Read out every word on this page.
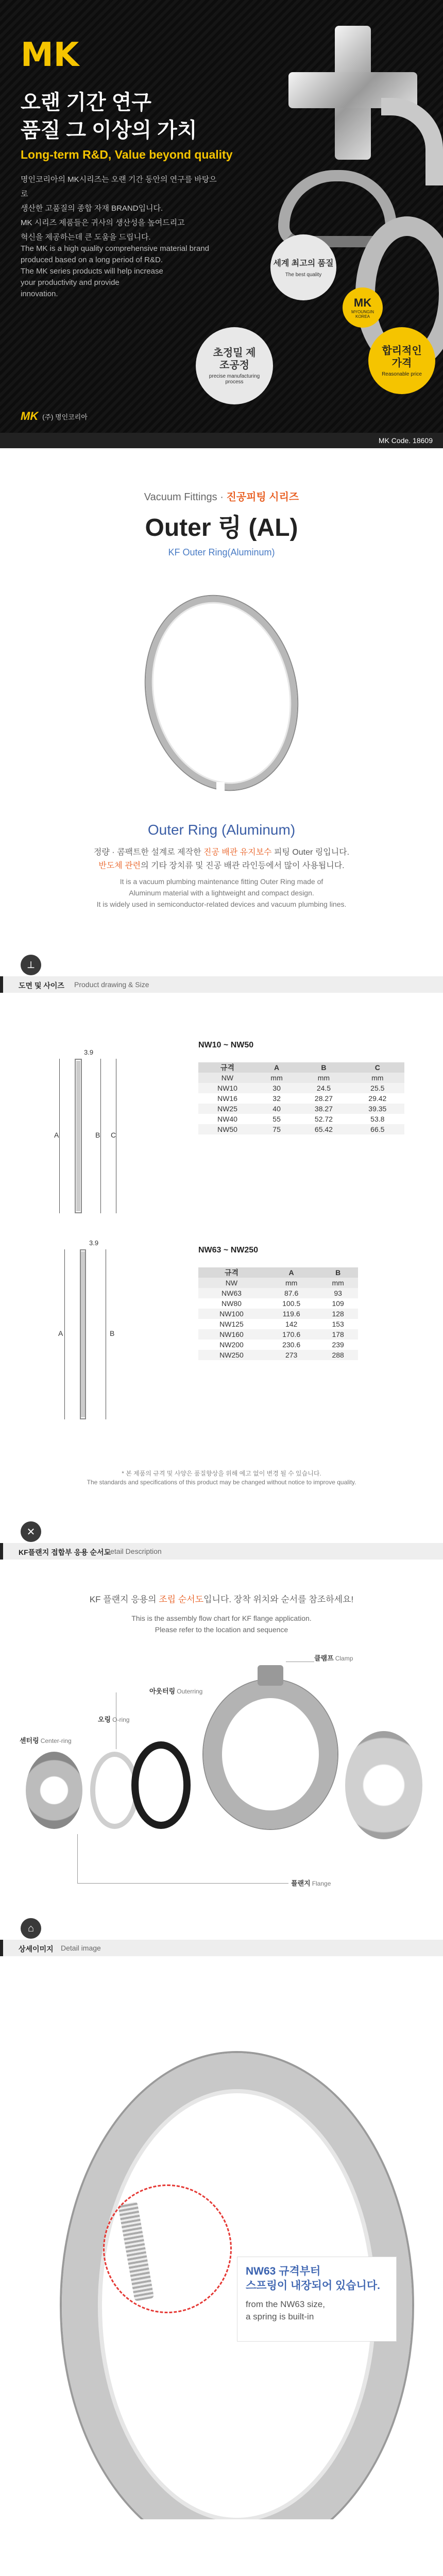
MK
오랜 기간 연구
품질 그 이상의 가치
Long-term R&D, Value beyond quality
명인코리아의 MK시리즈는 오랜 기간 동안의 연구를 바탕으로
생산한 고품질의 종합 자재 BRAND입니다.
MK 시리즈 제품들은 귀사의 생산성을 높여드리고
혁신을 제공하는데 큰 도움을 드립니다.
The MK is a high quality comprehensive material brand
produced based on a long period of R&D.
The MK series products will help increase
your productivity and provide
innovation.
세계 최고의 품질
The best quality
MK
MYOUNGIN
KOREA
초정밀 제조공정
precise manufacturing process
합리적인 가격
Reasonable price
MK (주) 명인코리아
MK Code. 18609
Vacuum Fittings · 진공피팅 시리즈
Outer 링 (AL)
KF Outer Ring(Aluminum)
Outer Ring (Aluminum)
정량 · 콤팩트한 설계로 제작한 진공 배관 유지보수 피팅 Outer 링입니다.
반도체 관련의 기타 장치류 및 진공 배관 라인등에서 많이 사용됩니다.
It is a vacuum plumbing maintenance fitting Outer Ring made of
Aluminum material with a lightweight and compact design.
It is widely used in semiconductor-related devices and vacuum plumbing lines.
⟂
도면 및 사이즈 Product drawing & Size
A	B C
3.9
NW10 ~ NW50
규격	A	B	C
NW	mm	mm	mm
NW10	30	24.5	25.5
NW16	32	28.27	29.42
NW25	40	38.27	39.35
NW40	55	52.72	53.8
NW50	75	65.42	66.5
A	B
3.9
NW63 ~ NW250
규격	A	B
NW	mm	mm
NW63	87.6	93
NW80	100.5	109
NW100	119.6	128
NW125	142	153
NW160	170.6	178
NW200	230.6	239
NW250	273	288
* 본 제품의 규격 및 사양은 품질향상을 위해 예고 없이 변경 될 수 있습니다.
The standards and specifications of this product may be changed without notice to improve quality.
✕
KF플랜지 접합부 응용 순서도
Detail Description
KF 플랜지 응용의 조립 순서도입니다. 장착 위치와 순서를 참조하세요!
This is the assembly flow chart for KF flange application.
Please refer to the location and sequence
클램프 Clamp
아웃터링 Outerring
오링 O-ring
센터링 Center-ring
플랜지 Flange
⌂
상세이미지 Detail image
NW63 규격부터
스프링이 내장되어 있습니다.
from the NW63 size,
a spring is built-in
